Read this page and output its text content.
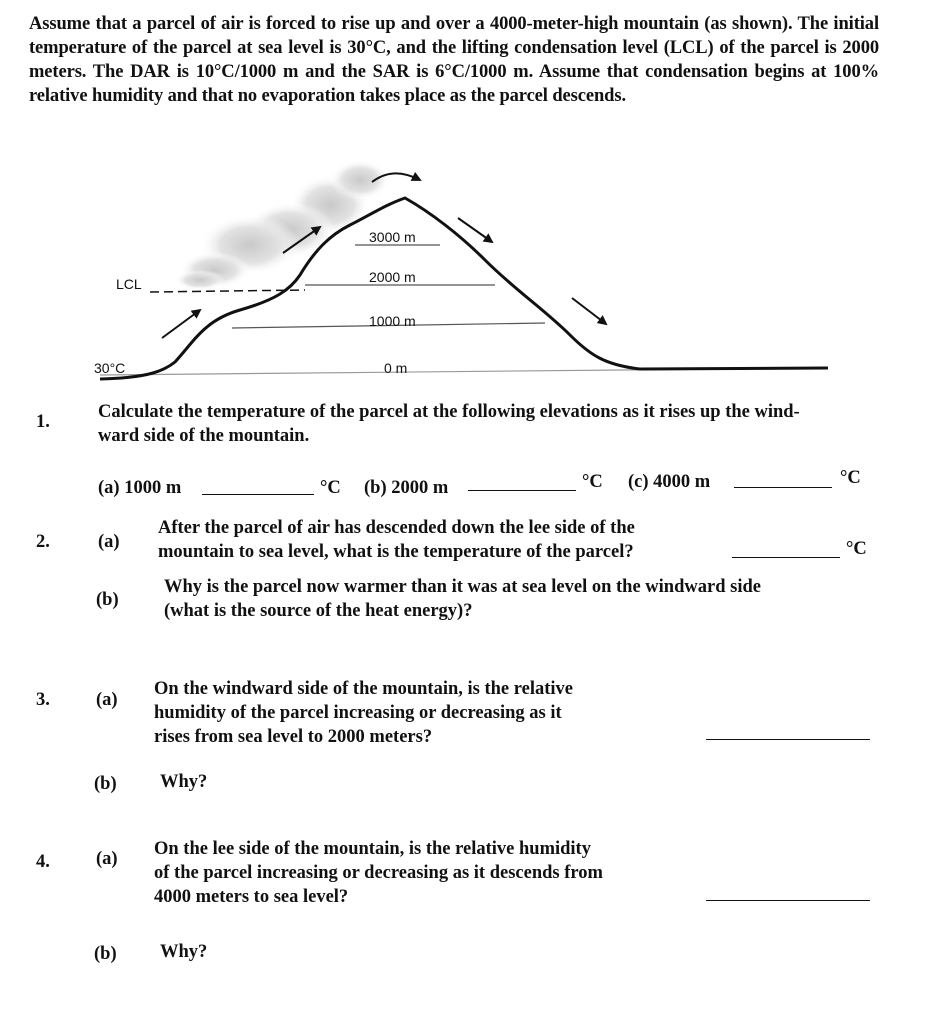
Assume that a parcel of air is forced to rise up and over a 4000-meter-high mountain (as shown). The initial temperature of the parcel at sea level is 30°C, and the lifting condensation level (LCL) of the parcel is 2000 meters. The DAR is 10°C/1000 m and the SAR is 6°C/1000 m. Assume that condensation begins at 100% relative humidity and that no evaporation takes place as the parcel descends.
LCL
30°C
3000 m
2000 m
1000 m
0 m
1.	Calculate the temperature of the parcel at the following elevations as it rises up the wind-
ward side of the mountain.
(a) 1000 m	°C (b) 2000 m	°C (c) 4000 m	°C
2.	(a)
After the parcel of air has descended down the lee side of the
mountain to sea level, what is the temperature of the parcel?	°C
(b)
Why is the parcel now warmer than it was at sea level on the windward side
(what is the source of the heat energy)?
3. (a)
On the windward side of the mountain, is the relative
humidity of the parcel increasing or decreasing as it
rises from sea level to 2000 meters?
(b) Why?
4. (a) On the lee side of the mountain, is the relative humidity
of the parcel increasing or decreasing as it descends from
4000 meters to sea level?
(b) Why?
